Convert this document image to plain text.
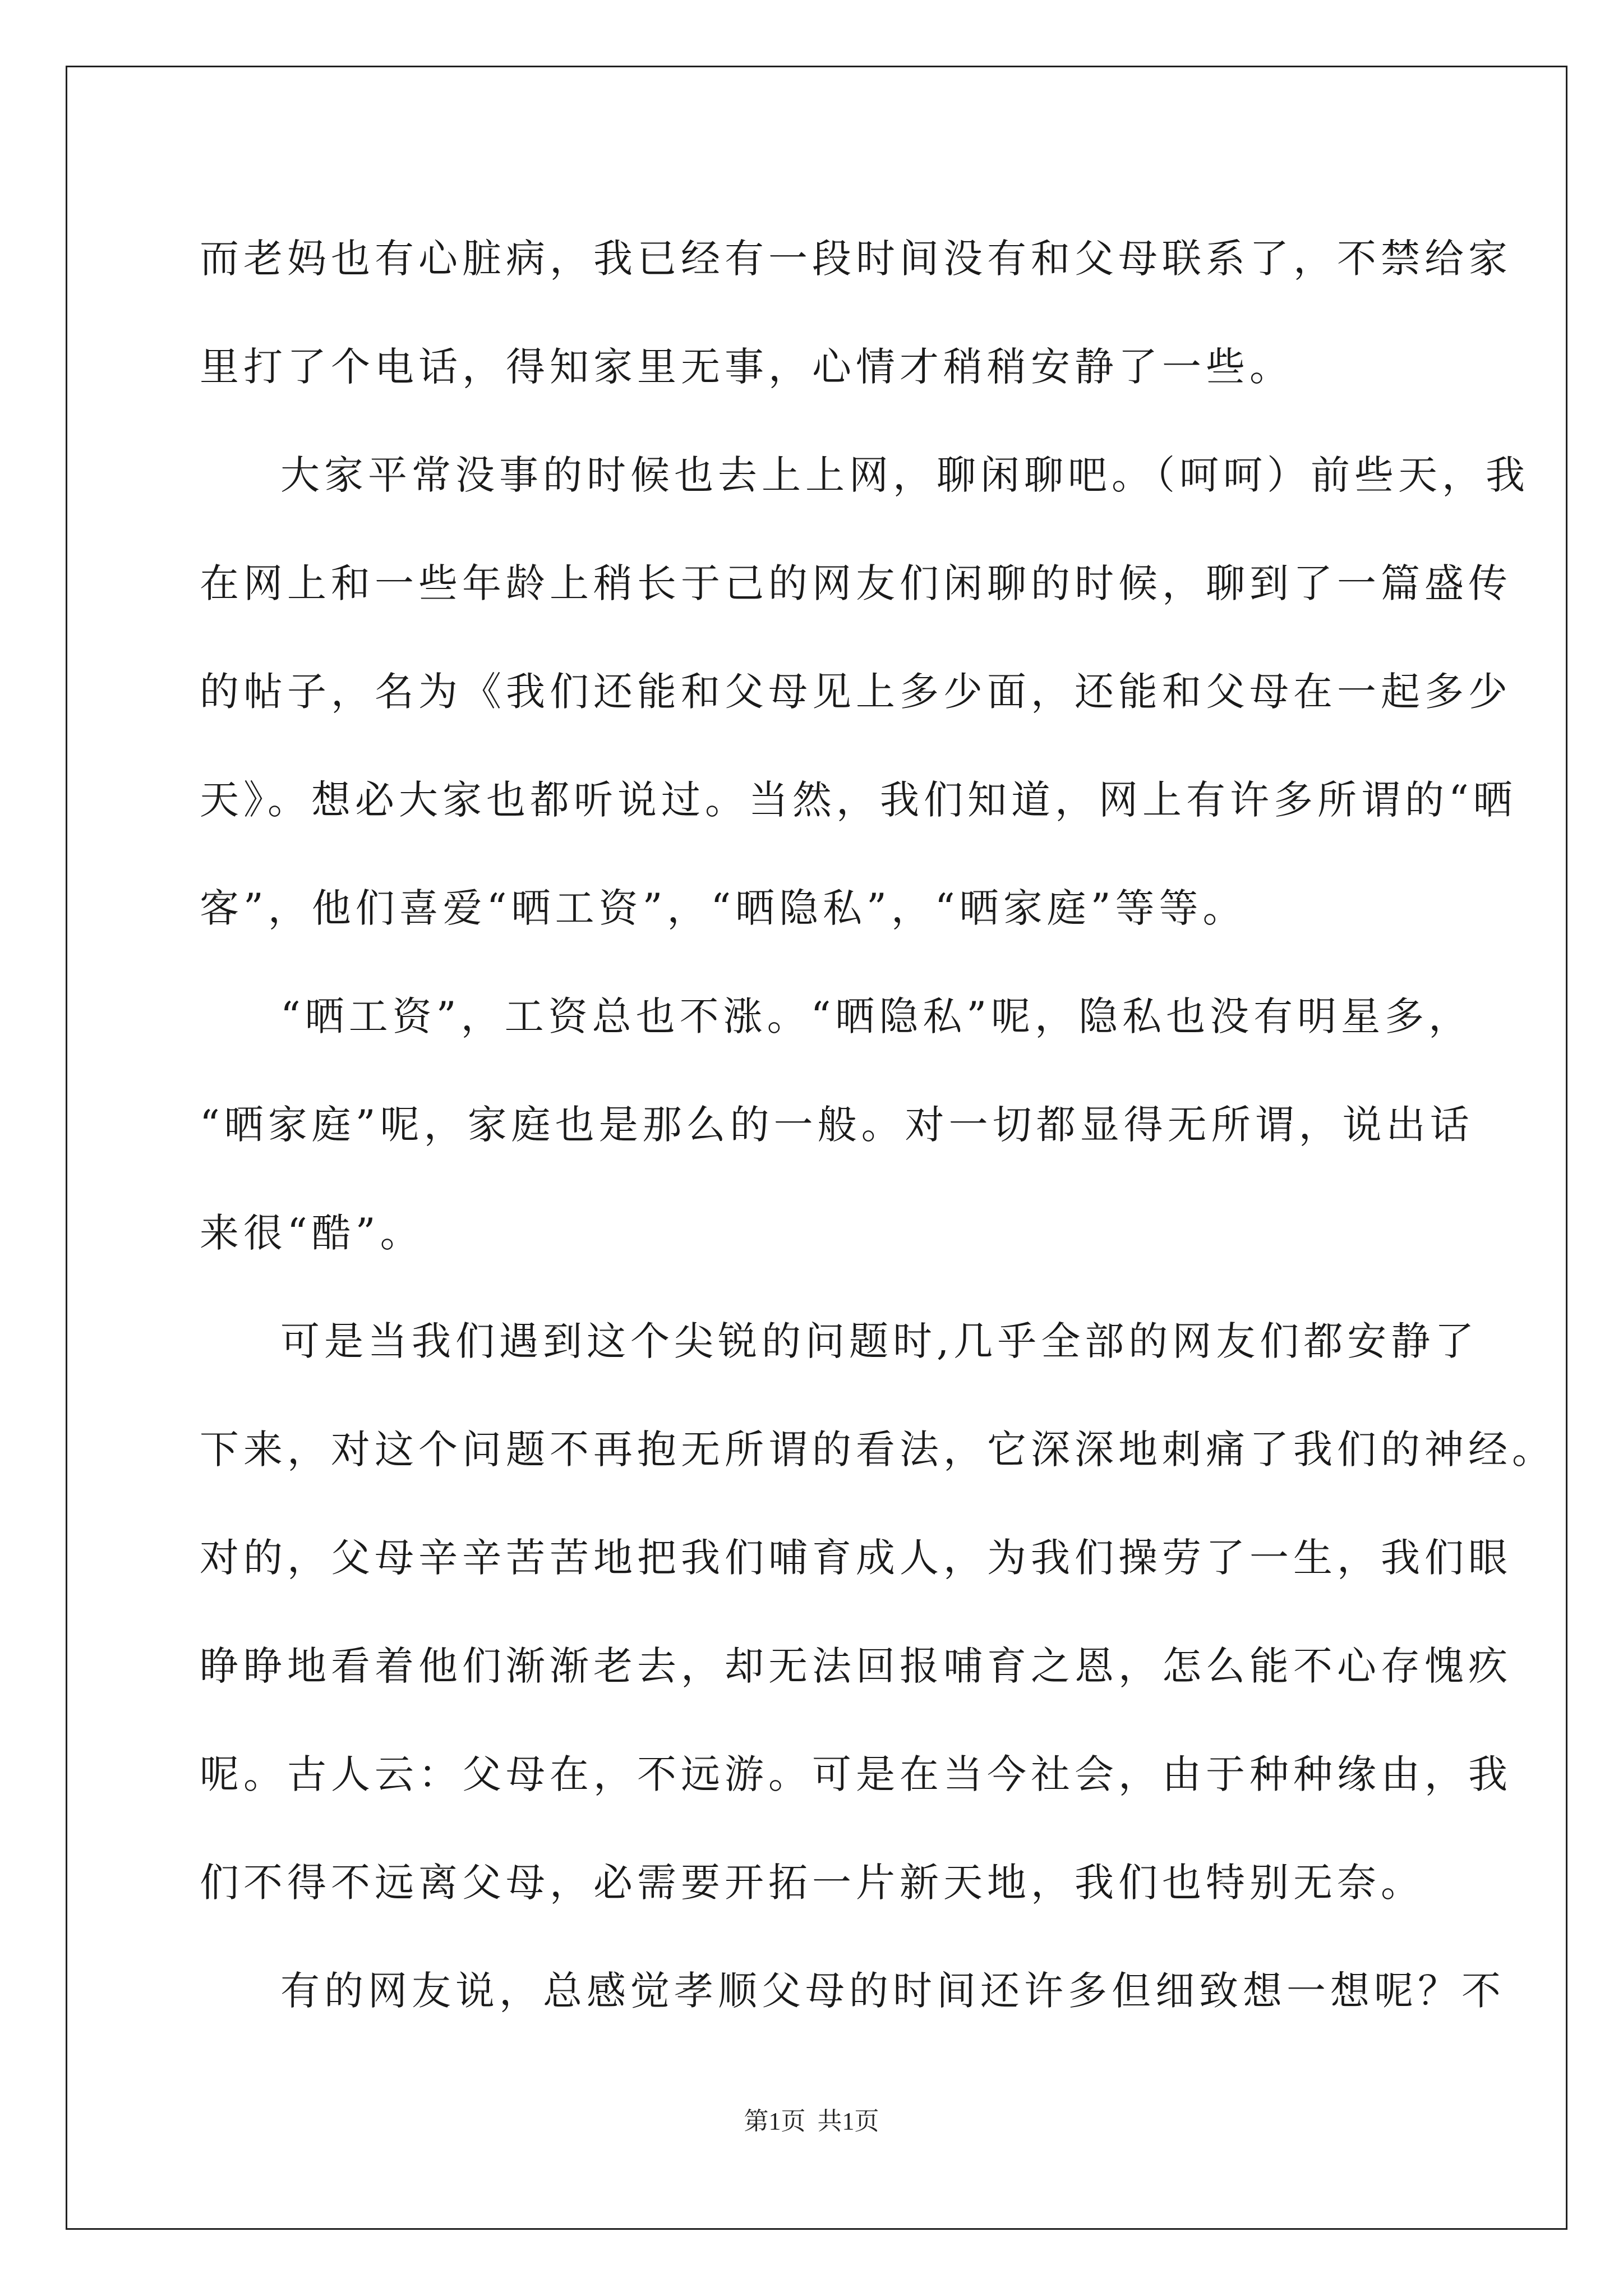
而老妈也有心脏病，我已经有一段时间没有和父母联系了，不禁给家
里打了个电话，得知家里无事，心情才稍稍安静了一些。
大家平常没事的时候也去上上网，聊闲聊吧。（呵呵）前些天，我
在网上和一些年龄上稍长于己的网友们闲聊的时候，聊到了一篇盛传
的帖子，名为《我们还能和父母见上多少面，还能和父母在一起多少
天》。想必大家也都听说过。当然，我们知道，网上有许多所谓的“晒
客”，他们喜爱“晒工资”，“晒隐私”，“晒家庭”等等。
“晒工资”，工资总也不涨。“晒隐私”呢，隐私也没有明星多，
“晒家庭”呢，家庭也是那么的一般。对一切都显得无所谓，说出话
来很“酷”。
可是当我们遇到这个尖锐的问题时,几乎全部的网友们都安静了
下来，对这个问题不再抱无所谓的看法，它深深地刺痛了我们的神经。
对的，父母辛辛苦苦地把我们哺育成人，为我们操劳了一生，我们眼
睁睁地看着他们渐渐老去，却无法回报哺育之恩，怎么能不心存愧疚
呢。古人云：父母在，不远游。可是在当今社会，由于种种缘由，我
们不得不远离父母，必需要开拓一片新天地，我们也特别无奈。
有的网友说，总感觉孝顺父母的时间还许多但细致想一想呢？不
第1页 共1页
